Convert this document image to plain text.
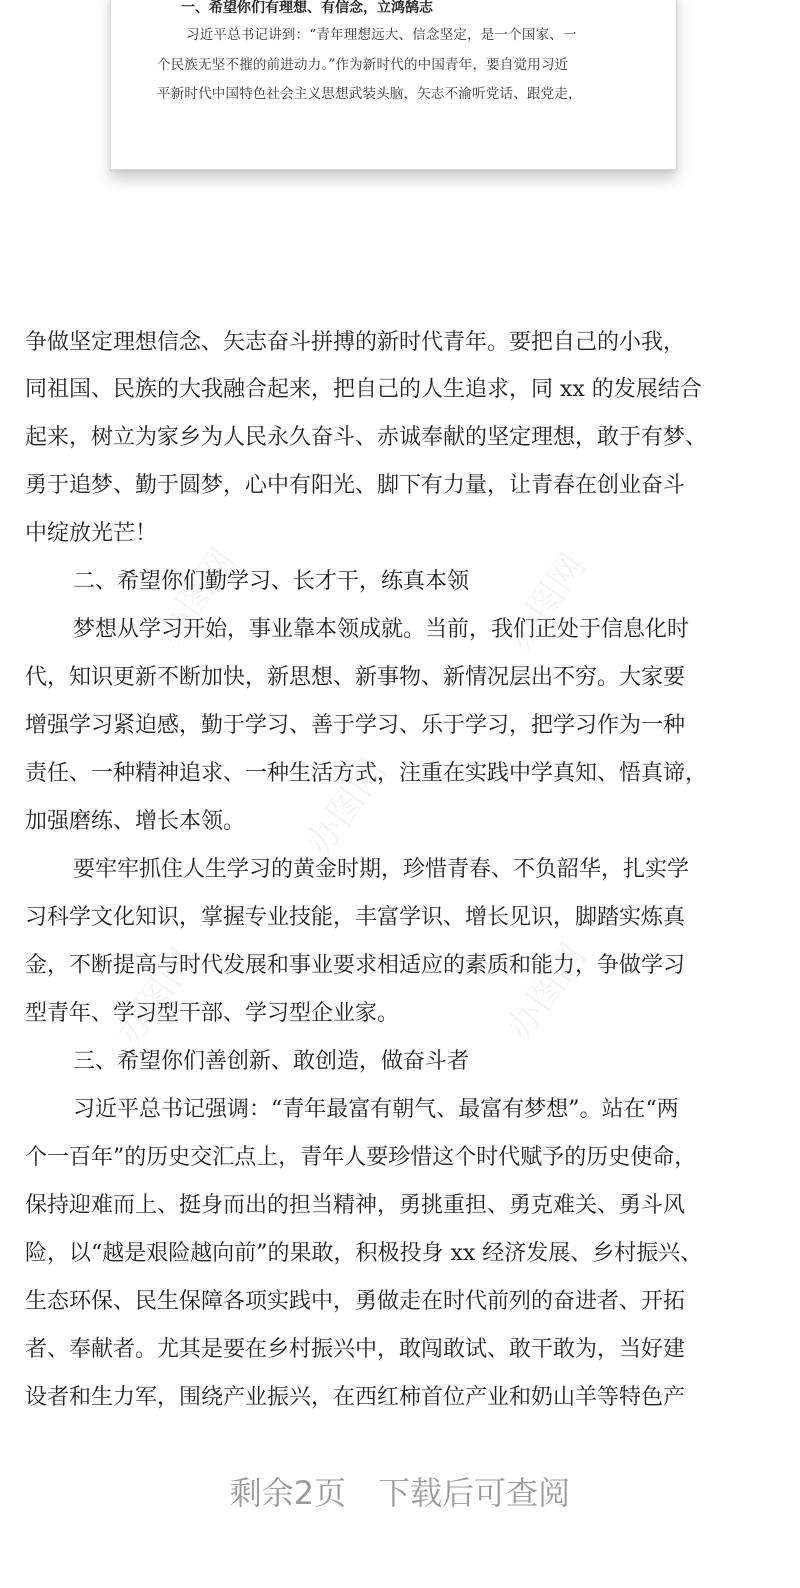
一、希望你们有理想、有信念，立鸿鹄志
习近平总书记讲到：“青年理想远大、信念坚定，是一个国家、一
个民族无坚不摧的前进动力。”作为新时代的中国青年，要自觉用习近
平新时代中国特色社会主义思想武装头脑，矢志不渝听党话、跟党走，
办图网	办图网
办图网
办图网
办图网
争做坚定理想信念、矢志奋斗拼搏的新时代青年。要把自己的小我，
同祖国、民族的大我融合起来，把自己的人生追求，同 xx 的发展结合
起来，树立为家乡为人民永久奋斗、赤诚奉献的坚定理想，敢于有梦、
勇于追梦、勤于圆梦，心中有阳光、脚下有力量，让青春在创业奋斗
中绽放光芒！
二、希望你们勤学习、长才干，练真本领
梦想从学习开始，事业靠本领成就。当前，我们正处于信息化时
代，知识更新不断加快，新思想、新事物、新情况层出不穷。大家要
增强学习紧迫感，勤于学习、善于学习、乐于学习，把学习作为一种
责任、一种精神追求、一种生活方式，注重在实践中学真知、悟真谛，
加强磨练、增长本领。
要牢牢抓住人生学习的黄金时期，珍惜青春、不负韶华，扎实学
习科学文化知识，掌握专业技能，丰富学识、增长见识，脚踏实炼真
金，不断提高与时代发展和事业要求相适应的素质和能力，争做学习
型青年、学习型干部、学习型企业家。
三、希望你们善创新、敢创造，做奋斗者
习近平总书记强调：“青年最富有朝气、最富有梦想”。站在“两
个一百年”的历史交汇点上，青年人要珍惜这个时代赋予的历史使命，
保持迎难而上、挺身而出的担当精神，勇挑重担、勇克难关、勇斗风
险，以“越是艰险越向前”的果敢，积极投身 xx 经济发展、乡村振兴、
生态环保、民生保障各项实践中，勇做走在时代前列的奋进者、开拓
者、奉献者。尤其是要在乡村振兴中，敢闯敢试、敢干敢为，当好建
设者和生力军，围绕产业振兴，在西红柿首位产业和奶山羊等特色产
剩余2页 下载后可查阅
